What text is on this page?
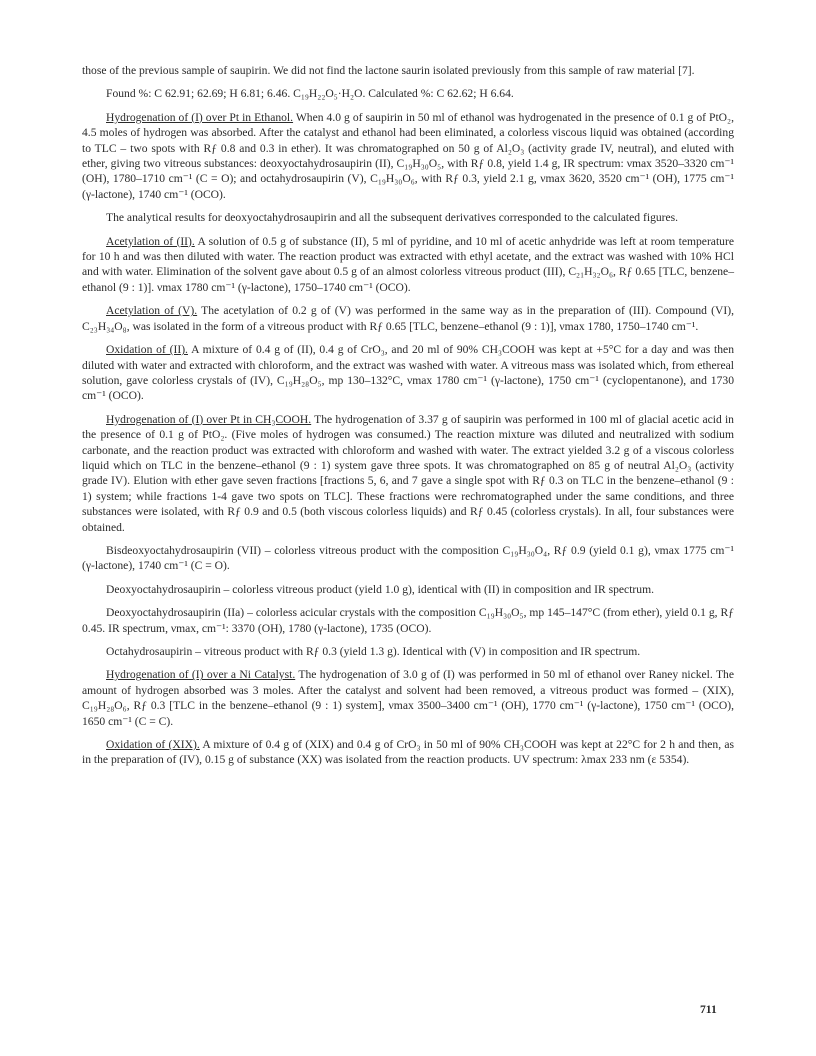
those of the previous sample of saupirin. We did not find the lactone saurin isolated previously from this sample of raw material [7].

Found %: C 62.91; 62.69; H 6.81; 6.46. C₁₉H₂₂O₅·H₂O. Calculated %: C 62.62; H 6.64.

Hydrogenation of (I) over Pt in Ethanol. When 4.0 g of saupirin in 50 ml of ethanol was hydrogenated in the presence of 0.1 g of PtO₂, 4.5 moles of hydrogen was absorbed. After the catalyst and ethanol had been eliminated, a colorless viscous liquid was obtained (according to TLC – two spots with Rƒ 0.8 and 0.3 in ether). It was chromatographed on 50 g of Al₂O₃ (activity grade IV, neutral), and eluted with ether, giving two vitreous substances: deoxyoctahydrosaupirin (II), C₁₉H₃₀O₅, with Rƒ 0.8, yield 1.4 g, IR spectrum: νmax 3520–3320 cm⁻¹ (OH), 1780–1710 cm⁻¹ (C = O); and octahydrosaupirin (V), C₁₉H₃₀O₆, with Rƒ 0.3, yield 2.1 g, νmax 3620, 3520 cm⁻¹ (OH), 1775 cm⁻¹ (γ-lactone), 1740 cm⁻¹ (OCO).

The analytical results for deoxyoctahydrosaupirin and all the subsequent derivatives corresponded to the calculated figures.

Acetylation of (II). A solution of 0.5 g of substance (II), 5 ml of pyridine, and 10 ml of acetic anhydride was left at room temperature for 10 h and was then diluted with water. The reaction product was extracted with ethyl acetate, and the extract was washed with 10% HCl and with water. Elimination of the solvent gave about 0.5 g of an almost colorless vitreous product (III), C₂₁H₃₂O₆, Rƒ 0.65 [TLC, benzene–ethanol (9 : 1)]. νmax 1780 cm⁻¹ (γ-lactone), 1750–1740 cm⁻¹ (OCO).

Acetylation of (V). The acetylation of 0.2 g of (V) was performed in the same way as in the preparation of (III). Compound (VI), C₂₃H₃₄O₈, was isolated in the form of a vitreous product with Rƒ 0.65 [TLC, benzene–ethanol (9 : 1)], νmax 1780, 1750–1740 cm⁻¹.

Oxidation of (II). A mixture of 0.4 g of (II), 0.4 g of CrO₃, and 20 ml of 90% CH₃COOH was kept at +5°C for a day and was then diluted with water and extracted with chloroform, and the extract was washed with water. A vitreous mass was isolated which, from ethereal solution, gave colorless crystals of (IV), C₁₉H₂₈O₅, mp 130–132°C, νmax 1780 cm⁻¹ (γ-lactone), 1750 cm⁻¹ (cyclopentanone), and 1730 cm⁻¹ (OCO).

Hydrogenation of (I) over Pt in CH₃COOH. The hydrogenation of 3.37 g of saupirin was performed in 100 ml of glacial acetic acid in the presence of 0.1 g of PtO₂. (Five moles of hydrogen was consumed.) The reaction mixture was diluted and neutralized with sodium carbonate, and the reaction product was extracted with chloroform and washed with water. The extract yielded 3.2 g of a viscous colorless liquid which on TLC in the benzene–ethanol (9 : 1) system gave three spots. It was chromatographed on 85 g of neutral Al₂O₃ (activity grade IV). Elution with ether gave seven fractions [fractions 5, 6, and 7 gave a single spot with Rƒ 0.3 on TLC in the benzene–ethanol (9 : 1) system; while fractions 1-4 gave two spots on TLC]. These fractions were rechromatographed under the same conditions, and three substances were isolated, with Rƒ 0.9 and 0.5 (both viscous colorless liquids) and Rƒ 0.45 (colorless crystals). In all, four substances were obtained.

Bisdeoxyoctahydrosaupirin (VII) – colorless vitreous product with the composition C₁₉H₃₀O₄, Rƒ 0.9 (yield 0.1 g), νmax 1775 cm⁻¹ (γ-lactone), 1740 cm⁻¹ (C = O).

Deoxyoctahydrosaupirin – colorless vitreous product (yield 1.0 g), identical with (II) in composition and IR spectrum.

Deoxyoctahydrosaupirin (IIa) – colorless acicular crystals with the composition C₁₉H₃₀O₅, mp 145–147°C (from ether), yield 0.1 g, Rƒ 0.45. IR spectrum, νmax, cm⁻¹: 3370 (OH), 1780 (γ-lactone), 1735 (OCO).

Octahydrosaupirin – vitreous product with Rƒ 0.3 (yield 1.3 g). Identical with (V) in composition and IR spectrum.

Hydrogenation of (I) over a Ni Catalyst. The hydrogenation of 3.0 g of (I) was performed in 50 ml of ethanol over Raney nickel. The amount of hydrogen absorbed was 3 moles. After the catalyst and solvent had been removed, a vitreous product was formed – (XIX), C₁₉H₂₈O₆, Rƒ 0.3 [TLC in the benzene–ethanol (9 : 1) system], νmax 3500–3400 cm⁻¹ (OH), 1770 cm⁻¹ (γ-lactone), 1750 cm⁻¹ (OCO), 1650 cm⁻¹ (C = C).

Oxidation of (XIX). A mixture of 0.4 g of (XIX) and 0.4 g of CrO₃ in 50 ml of 90% CH₃COOH was kept at 22°C for 2 h and then, as in the preparation of (IV), 0.15 g of substance (XX) was isolated from the reaction products. UV spectrum: λmax 233 nm (ε 5354).

711
